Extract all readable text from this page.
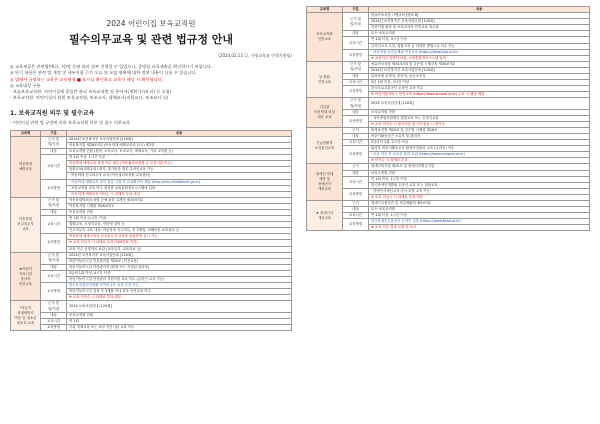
2024 어린이집 보육교직원
필수의무교육 및 관련 법규정 안내
(2024.02.13.일, 가평교육과 인생지원팀)
◎ 교육제공은 관련법(예규, 처)정 등에 따라 원부 진행할 수 있었으나, 증빙될 교육제출을 확인하시기 바랍니다.
◎ 단기 내용은 관련 법 개정 및 세부지침 근간 오류 및 오탈 명확해 대한 정보 내용이 다를 수 있습니다.
◎ 법에서 규정하는 교육은 교육명칭 ■ 표시를 확인하고 교육이 해당 시 확인합니다.
◎ 교육대상 구분
- 보습보육교직원: 어린이집에 종일반 관리 보육교직원 및 용어서(계획기사표지) 등 포함)
- 보육교직원: 어린이집의 원원 보육교직원, 보조교사, 대체교사(직원교사, 보조교사 등)
1. 보육교직원 의무 및 필수교육
- 어린이집 관련 법 규정에 의한 보육교직원 의무 및 필수 의무교육
교육명	구분	내용
아동학대
예방교육	근거 및
법/지침	2024년 보건복지부 보육사업안내 [120회]
		아동복지법 제26조의2 (아동학대 예방교육의 실시) 제1항
	대상	보육교직원 전원 (원장, 보육교사, 보조교사, 대체교사, 기타 교직원 등)
	교육시간	연 1회 이상, 1시간 이상
		아동학대 예방교육 과정 이수 필수 (아동권리보장원 등 교육기관 이수)
		집합교육(대면교육) 원칙, 불가피한 경우 온라인교육 가능
		· 아동학대 신고의무자 교육 (아동권리보장원 교육센터)
	교육방법	· 아동학대 예방교육 강의 영상 시청 후 교육확인서 제출 (http://edu.childabuse.go.kr)
		· 보육교직원 교육 이수 결과를 보육통합정보시스템에 입력
		· 아동학대 예방교육 미이수 시 과태료 부과 대상
아동학대
신고의무자
교육	근거 및
법/지침	아동학대범죄의 처벌 등에 관한 특례법 제10조의2
		아동복지법 시행령 제26조의2
	대상	보육교직원 전원
	교육시간	연 1회 이상 (1시간 이상)
		집합교육, 시청각교육, 인터넷 강의 등
		신고의무자 교육 내용: 아동학대 신고의무, 신고방법, 피해아동 보호절차 등
	교육방법	아동학대 예방교육과 신고의무자 교육을 통합하여 실시 가능
		※ 교육 미실시 시 과태료 부과 (300만원 이하)
		교육 이수 증빙자료 보관 (교육일지, 교육자료 등)
★어린이
자료시설
중사자
안전교육	근거 및
법/지침	2024년 보건복지부 보육사업안내 [120회]
		어린이놀이시설 안전관리법 제20조 (안전교육)
	대상	어린이놀이시설 안전관리자 (원장 또는 지정된 관리자)
	교육시간	2년에 1회 이상, 4시간 이상
		어린이놀이시설 안전관리 지원기관 교육 이수 (온라인 교육 가능)
	교육방법	한국보건복지인재원 사이버교육 과정 수강 가능
		어린이놀이시설 설치 후 3개월 이내 최초 안전교육 이수
		※ 교육 미이수 시 과태료 부과 대상
*영유아
성매매방지
아동 및 청소년
성보호 교육	근거 및
법/지침	2024 보육사업안내 [120회]
	대상	보육교직원 전원
	교육시간	연 1회
	교육방법	기관 자체교육 또는 외부 전문기관 교육 이수
교육명	구분	내용
보육교직원
안전교육	근거 및
법/지침	영유아보육법 시행규칙 [별표 8]
		2024년 보건복지부 보육사업안내 [120회]
		어린이집 원장 및 보육교사의 안전교육 의무화
	대상	모든 보육교직원
	교육시간	연 1회 이상, 3시간 이상
		온라인교육 수강, 집합교육 등 다양한 방법으로 이수 가능
	교육방법	· 어린이집 안전공제회 안전교육 (https://www.csia.or.kr)
		※ 교육이수 증명서 보관, 보육통합정보시스템 입력
등·하원
안전교육	근거 및
법/지침	영유아보육법 제33조의3 및 같은법 시행규칙 제34조의2
		2024년 보건복지부 보육사업안내 [120회]
	대상	통학차량 운영자, 운전자, 동승보호자
	교육시간	2년 1회 이상, 3시간 이상
	교육방법	한국도로교통공단 온라인 교육 이수
		※ 어린이통학버스 안전교육 (https://www.koroad.or.kr) 수료 시 필증 제출
긴급한
아동학대 의심
대응 교육	근거 및
법/지침	2024 보육사업안내 [120회]
	대상	보육교직원 전원
	교육방법	· 육아종합지원센터 집합교육 또는 온라인교육
		※ 교육 미이수 시 평가인증 및 지도점검 시 불이익
긴급한환경
보건관리교육	근거	환경보건법 제23조 및 같은법 시행령 제16조
	대상	어린이활동공간 소유자 및 관리자
	교육시간	2년마다 1회, 2시간 이상
	교육방법	환경부 어린이활동공간 환경안전관리 교육 (온라인) 이수
		· 교육 이수 후 수료증 출력 보관 (https://www.eduplus.or.kr)
		※ 미이수 시 과태료 부과
장애인 학대
예방 및
장애인식
개선교육	근거	장애인복지법 제25조 및 장애인차별금지법
	대상	보육교직원 전원
	교육시간	연 1회 이상, 1시간 이상
		한국장애인개발원 온라인 교육 또는 집합교육
	교육방법	· 장애인식개선교육 강사 초빙 교육 가능
		※ 교육 미실시 시 과태료 부과 대상
★ 장애인식
개선교육	근거	장애인고용촉진 및 직업재활법 제5조의2
	대상	모든 보육교직원
	교육시간	연 1회 이상, 1시간 이상
	교육방법	한국장애인고용공단 온라인 교육 (https://www.kead.or.kr)
		※ 교육 이수 결과 보관 및 보고
